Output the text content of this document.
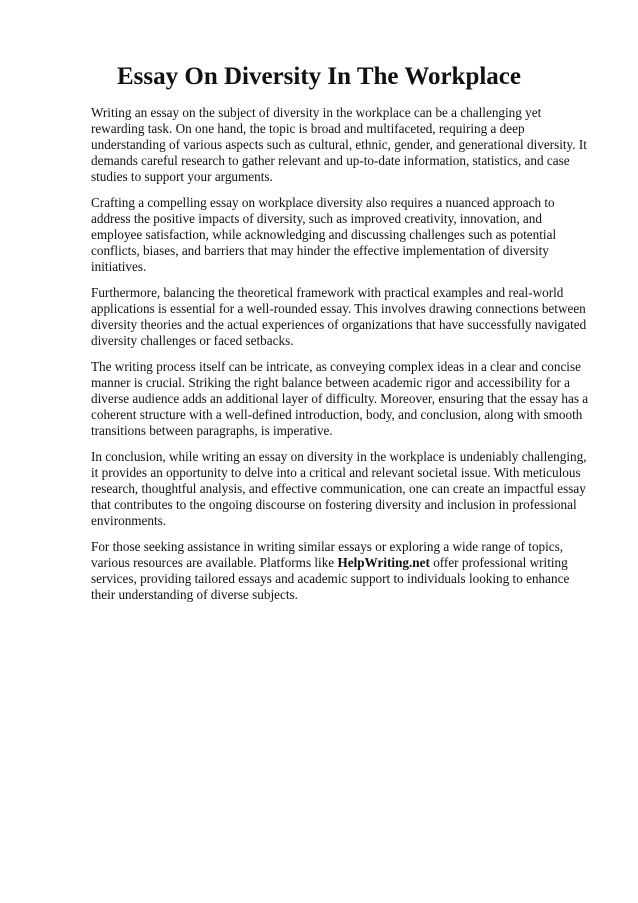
Essay On Diversity In The Workplace

Writing an essay on the subject of diversity in the workplace can be a challenging yet rewarding task. On one hand, the topic is broad and multifaceted, requiring a deep understanding of various aspects such as cultural, ethnic, gender, and generational diversity. It demands careful research to gather relevant and up-to-date information, statistics, and case studies to support your arguments.

Crafting a compelling essay on workplace diversity also requires a nuanced approach to address the positive impacts of diversity, such as improved creativity, innovation, and employee satisfaction, while acknowledging and discussing challenges such as potential conflicts, biases, and barriers that may hinder the effective implementation of diversity initiatives.

Furthermore, balancing the theoretical framework with practical examples and real-world applications is essential for a well-rounded essay. This involves drawing connections between diversity theories and the actual experiences of organizations that have successfully navigated diversity challenges or faced setbacks.

The writing process itself can be intricate, as conveying complex ideas in a clear and concise manner is crucial. Striking the right balance between academic rigor and accessibility for a diverse audience adds an additional layer of difficulty. Moreover, ensuring that the essay has a coherent structure with a well-defined introduction, body, and conclusion, along with smooth transitions between paragraphs, is imperative.

In conclusion, while writing an essay on diversity in the workplace is undeniably challenging, it provides an opportunity to delve into a critical and relevant societal issue. With meticulous research, thoughtful analysis, and effective communication, one can create an impactful essay that contributes to the ongoing discourse on fostering diversity and inclusion in professional environments.

For those seeking assistance in writing similar essays or exploring a wide range of topics, various resources are available. Platforms like HelpWriting.net offer professional writing services, providing tailored essays and academic support to individuals looking to enhance their understanding of diverse subjects.
